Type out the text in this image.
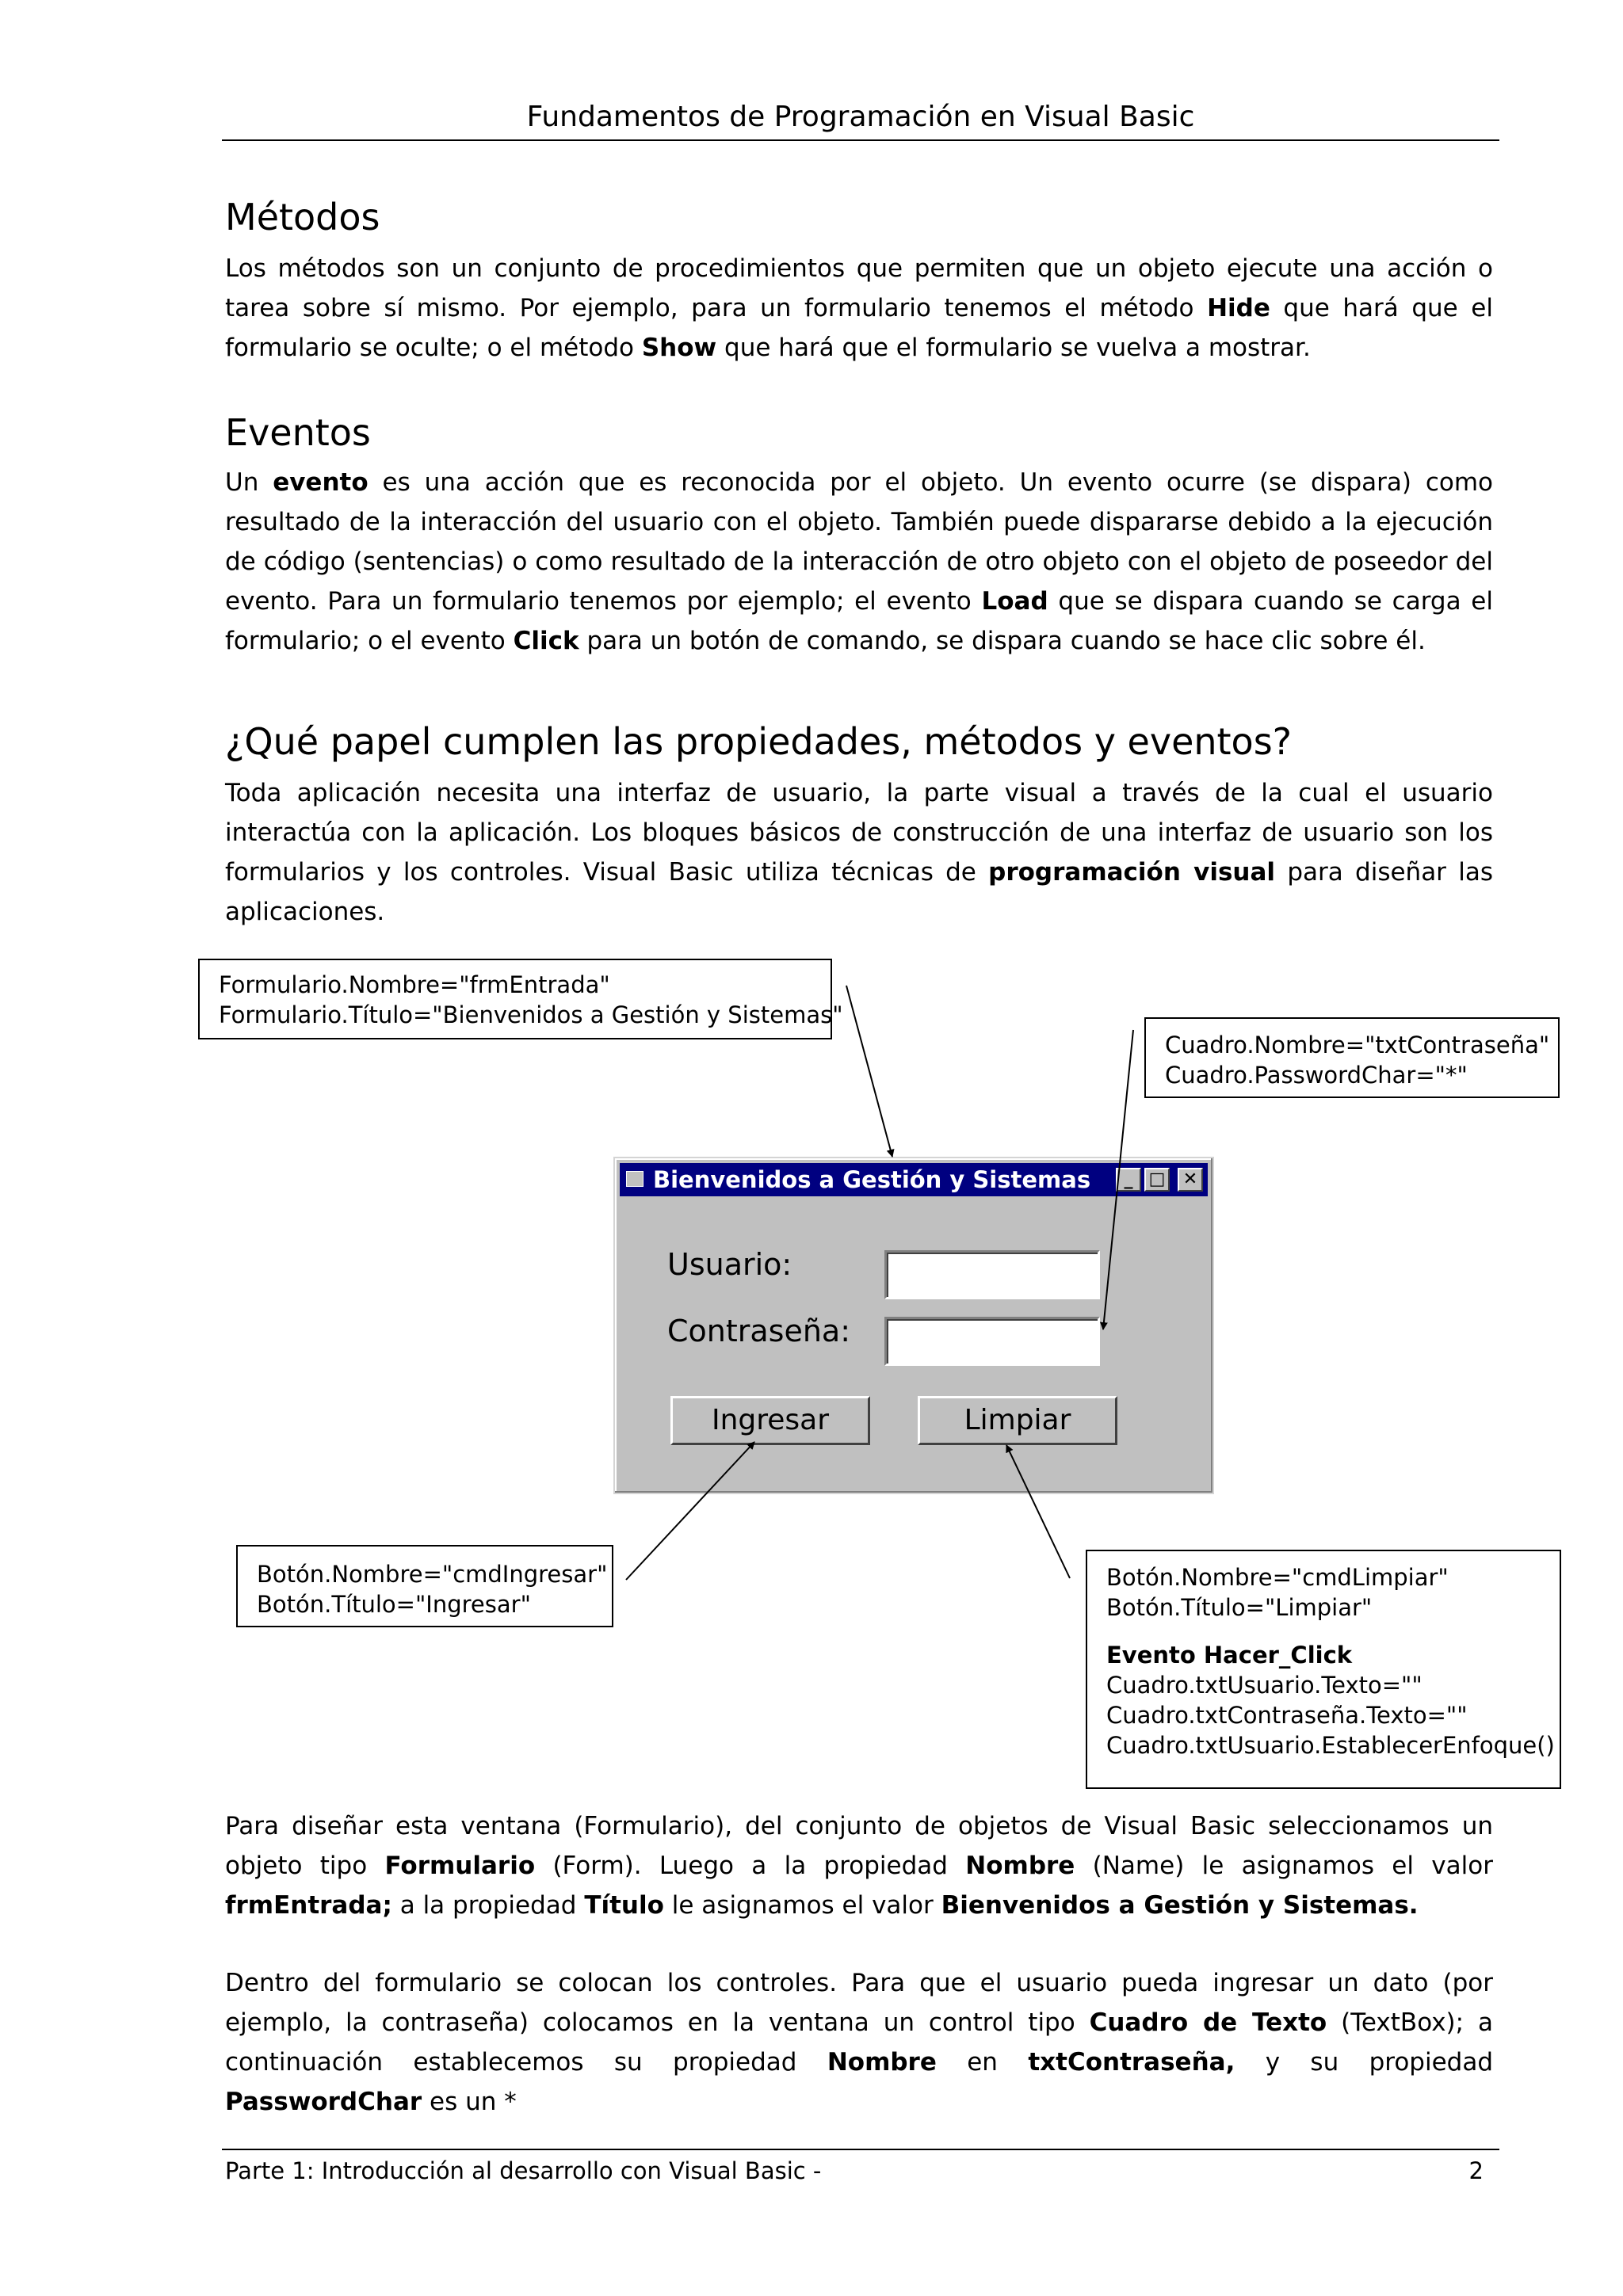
Fundamentos de Programación en Visual Basic
Métodos

Los métodos son un conjunto de procedimientos que permiten que un objeto ejecute una acción o tarea sobre sí mismo. Por ejemplo, para un formulario tenemos el método Hide que hará que el formulario se oculte; o el método Show que hará que el formulario se vuelva a mostrar.

Eventos

Un evento es una acción que es reconocida por el objeto. Un evento ocurre (se dispara) como resultado de la interacción del usuario con el objeto. También puede dispararse debido a la ejecución de código (sentencias) o como resultado de la interacción de otro objeto con el objeto de poseedor del evento. Para un formulario tenemos por ejemplo; el evento Load que se dispara cuando se carga el formulario; o el evento Click para un botón de comando, se dispara cuando se hace clic sobre él.

¿Qué papel cumplen las propiedades, métodos y eventos?

Toda aplicación necesita una interfaz de usuario, la parte visual a través de la cual el usuario interactúa con la aplicación. Los bloques básicos de construcción de una interfaz de usuario son los formularios y los controles. Visual Basic utiliza técnicas de programación visual para diseñar las aplicaciones.

Formulario.Nombre="frmEntrada"
Formulario.Título="Bienvenidos a Gestión y Sistemas"
Cuadro.Nombre="txtContraseña"
Cuadro.PasswordChar="*"
Botón.Nombre="cmdIngresar"
Botón.Título="Ingresar"
Botón.Nombre="cmdLimpiar"
Botón.Título="Limpiar"
Evento Hacer_Click
Cuadro.txtUsuario.Texto=""
Cuadro.txtContraseña.Texto=""
Cuadro.txtUsuario.EstablecerEnfoque()
Bienvenidos a Gestión y Sistemas	_ □	✕
Usuario:
Contraseña:
Ingresar	Limpiar

Para diseñar esta ventana (Formulario), del conjunto de objetos de Visual Basic seleccionamos un objeto tipo Formulario (Form). Luego a la propiedad Nombre (Name) le asignamos el valor frmEntrada; a la propiedad Título le asignamos el valor Bienvenidos a Gestión y Sistemas.

Dentro del formulario se colocan los controles. Para que el usuario pueda ingresar un dato (por ejemplo, la contraseña) colocamos en la ventana un control tipo Cuadro de Texto (TextBox); a continuación establecemos su propiedad Nombre en txtContraseña, y su propiedad PasswordChar es un *

Parte 1: Introducción al desarrollo con Visual Basic -	2
